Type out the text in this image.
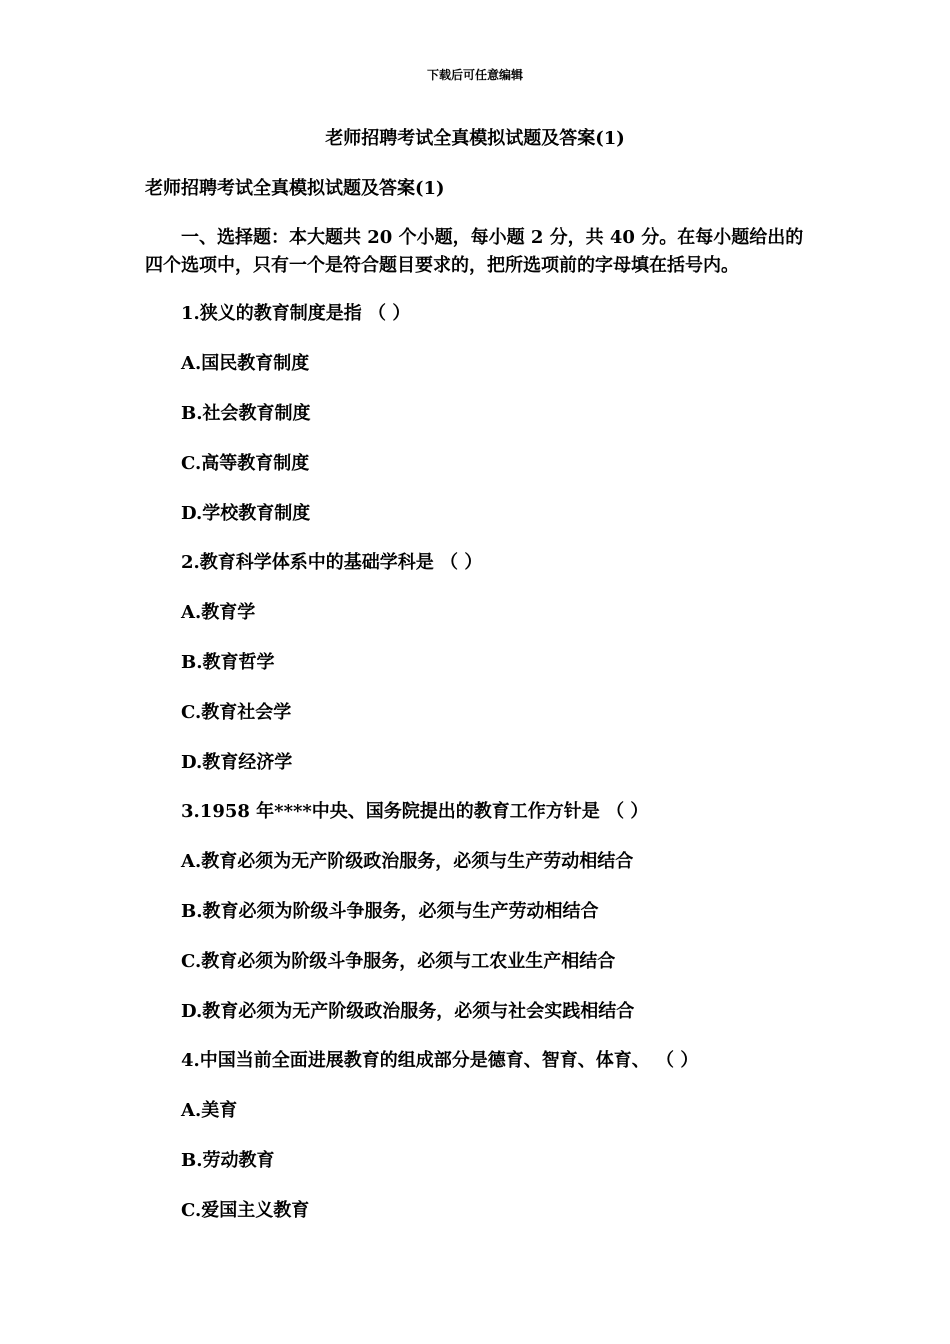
下载后可任意编辑
老师招聘考试全真模拟试题及答案(1)
老师招聘考试全真模拟试题及答案(1)
一、选择题：本大题共 20 个小题，每小题 2 分，共 40 分。在每小题给出的四个选项中，只有一个是符合题目要求的，把所选项前的字母填在括号内。
1.狭义的教育制度是指 （ ）
A.国民教育制度
B.社会教育制度
C.高等教育制度
D.学校教育制度
2.教育科学体系中的基础学科是 （ ）
A.教育学
B.教育哲学
C.教育社会学
D.教育经济学
3.1958 年****中央、国务院提出的教育工作方针是 （ ）
A.教育必须为无产阶级政治服务，必须与生产劳动相结合
B.教育必须为阶级斗争服务，必须与生产劳动相结合
C.教育必须为阶级斗争服务，必须与工农业生产相结合
D.教育必须为无产阶级政治服务，必须与社会实践相结合
4.中国当前全面进展教育的组成部分是德育、智育、体育、 （ ）
A.美育
B.劳动教育
C.爱国主义教育
